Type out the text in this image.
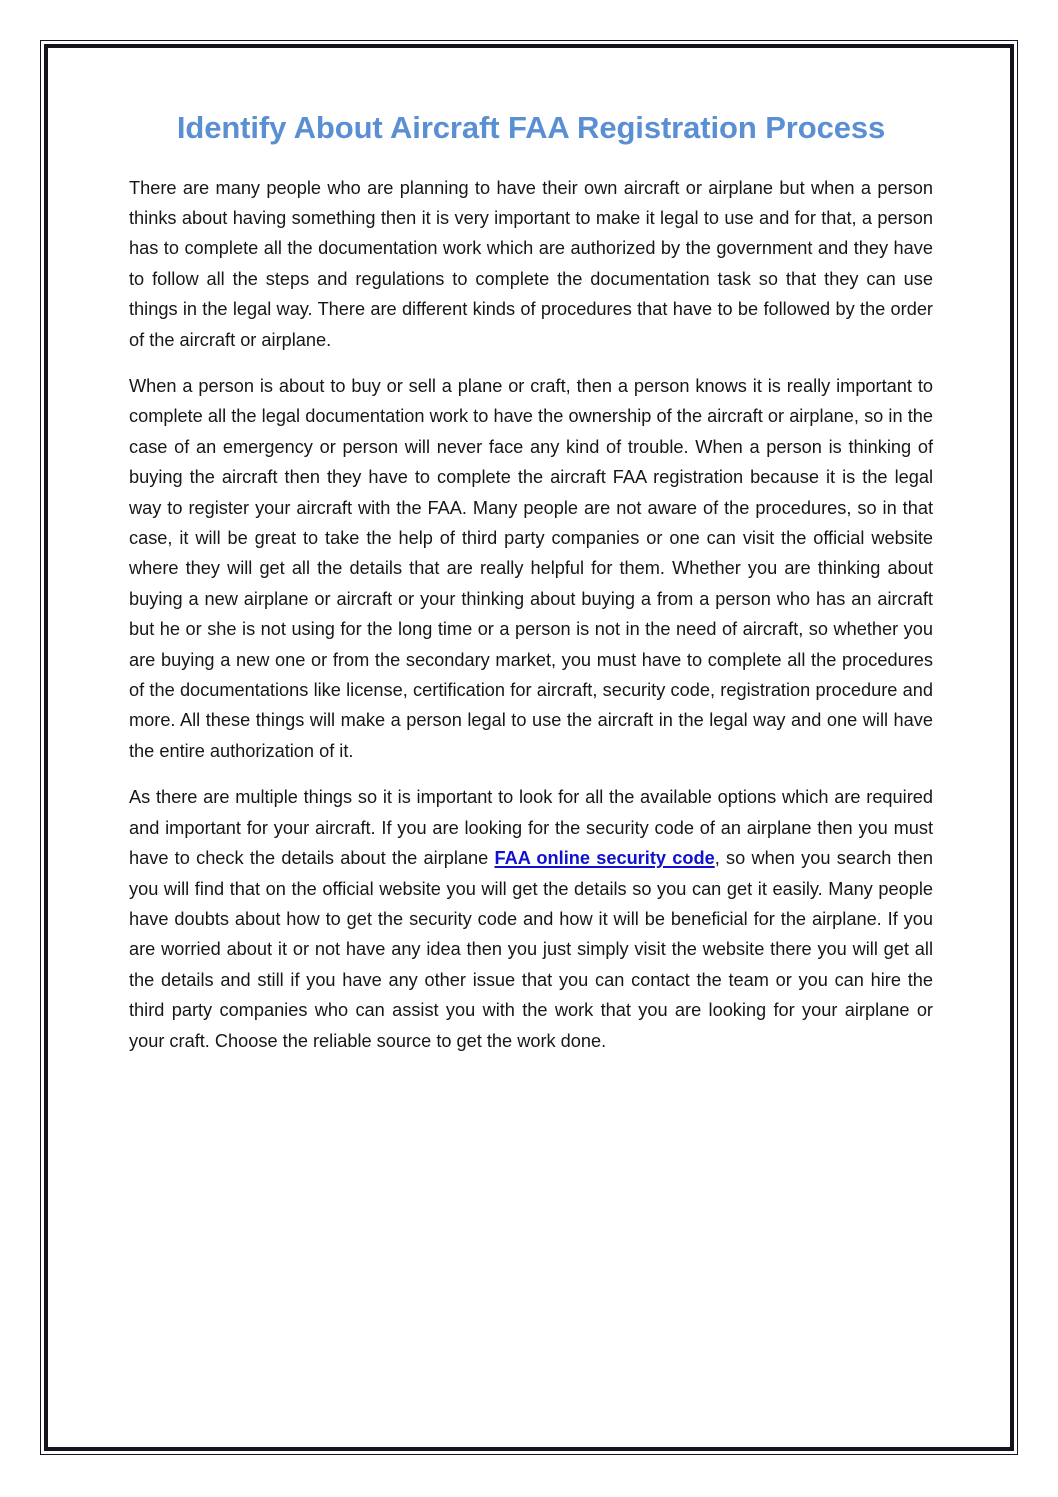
Identify About Aircraft FAA Registration Process

There are many people who are planning to have their own aircraft or airplane but when a person thinks about having something then it is very important to make it legal to use and for that, a person has to complete all the documentation work which are authorized by the government and they have to follow all the steps and regulations to complete the documentation task so that they can use things in the legal way. There are different kinds of procedures that have to be followed by the order of the aircraft or airplane.

When a person is about to buy or sell a plane or craft, then a person knows it is really important to complete all the legal documentation work to have the ownership of the aircraft or airplane, so in the case of an emergency or person will never face any kind of trouble. When a person is thinking of buying the aircraft then they have to complete the aircraft FAA registration because it is the legal way to register your aircraft with the FAA. Many people are not aware of the procedures, so in that case, it will be great to take the help of third party companies or one can visit the official website where they will get all the details that are really helpful for them. Whether you are thinking about buying a new airplane or aircraft or your thinking about buying a from a person who has an aircraft but he or she is not using for the long time or a person is not in the need of aircraft, so whether you are buying a new one or from the secondary market, you must have to complete all the procedures of the documentations like license, certification for aircraft, security code, registration procedure and more. All these things will make a person legal to use the aircraft in the legal way and one will have the entire authorization of it.

As there are multiple things so it is important to look for all the available options which are required and important for your aircraft. If you are looking for the security code of an airplane then you must have to check the details about the airplane FAA online security code, so when you search then you will find that on the official website you will get the details so you can get it easily. Many people have doubts about how to get the security code and how it will be beneficial for the airplane. If you are worried about it or not have any idea then you just simply visit the website there you will get all the details and still if you have any other issue that you can contact the team or you can hire the third party companies who can assist you with the work that you are looking for your airplane or your craft. Choose the reliable source to get the work done.
